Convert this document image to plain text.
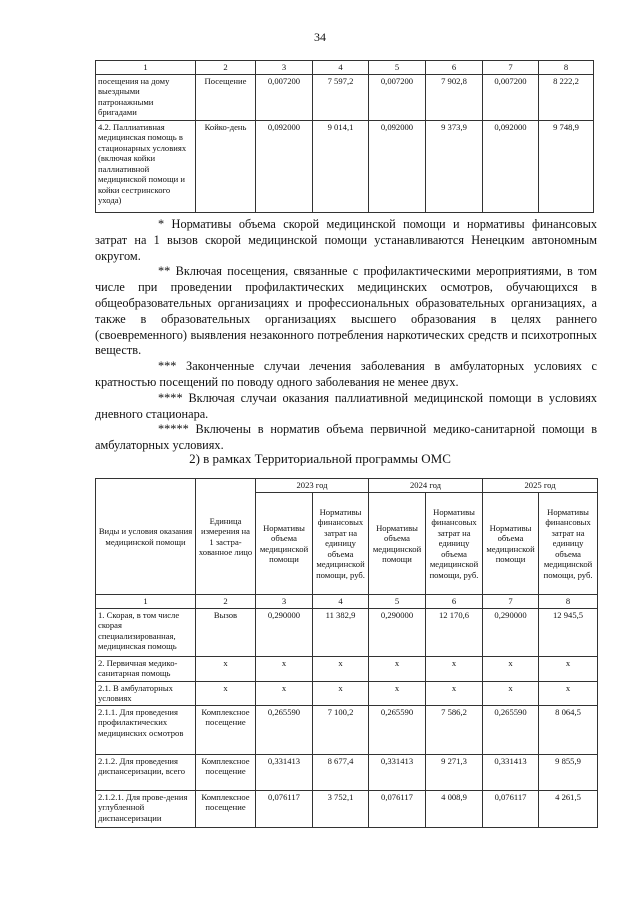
34
1	2	3	4	5	6	7	8
посещения на дому выездными патронажными бригадами	Посещение	0,007200	7 597,2	0,007200	7 902,8	0,007200	8 222,2
4.2. Паллиативная медицинская помощь в стационарных условиях (включая койки паллиативной медицинской помощи и койки сестринского ухода)	Койко-день	0,092000	9 014,1	0,092000	9 373,9	0,092000	9 748,9

* Нормативы объема скорой медицинской помощи и нормативы финансовых затрат на 1 вызов скорой медицинской помощи устанавливаются Ненецким автономным округом.

** Включая посещения, связанные с профилактическими мероприятиями, в том числе при проведении профилактических медицинских осмотров, обучающихся в общеобразовательных организациях и профессиональных образовательных организациях, а также в образовательных организациях высшего образования в целях раннего (своевременного) выявления незаконного потребления наркотических средств и психотропных веществ.

*** Законченные случаи лечения заболевания в амбулаторных условиях с кратностью посещений по поводу одного заболевания не менее двух.

**** Включая случаи оказания паллиативной медицинской помощи в условиях дневного стационара.

***** Включены в норматив объема первичной медико-санитарной помощи в амбулаторных условиях.

2) в рамках Территориальной программы ОМС
Виды и условия оказания медицинской помощи	Единица измерения на 1 застра-хованное лицо	2023 год		2024 год		2025 год	
		Нормативы объема медицинской помощи	Нормативы финансовых затрат на единицу объема медицинской помощи, руб.	Нормативы объема медицинской помощи	Нормативы финансовых затрат на единицу объема медицинской помощи, руб.	Нормативы объема медицинской помощи	Нормативы финансовых затрат на единицу объема медицинской помощи, руб.
1	2	3	4	5	6	7	8
1. Скорая, в том числе скорая специализированная, медицинская помощь	Вызов	0,290000	11 382,9	0,290000	12 170,6	0,290000	12 945,5
2. Первичная медико-санитарная помощь	х	х	х	х	х	х	х
2.1. В амбулаторных условиях	х	х	х	х	х	х	х
2.1.1. Для проведения профилактических медицинских осмотров	Комплексное посещение	0,265590	7 100,2	0,265590	7 586,2	0,265590	8 064,5
2.1.2. Для проведения диспансеризации, всего	Комплексное посещение	0,331413	8 677,4	0,331413	9 271,3	0,331413	9 855,9
2.1.2.1. Для прове-дения углубленной диспансеризации	Комплексное посещение	0,076117	3 752,1	0,076117	4 008,9	0,076117	4 261,5
